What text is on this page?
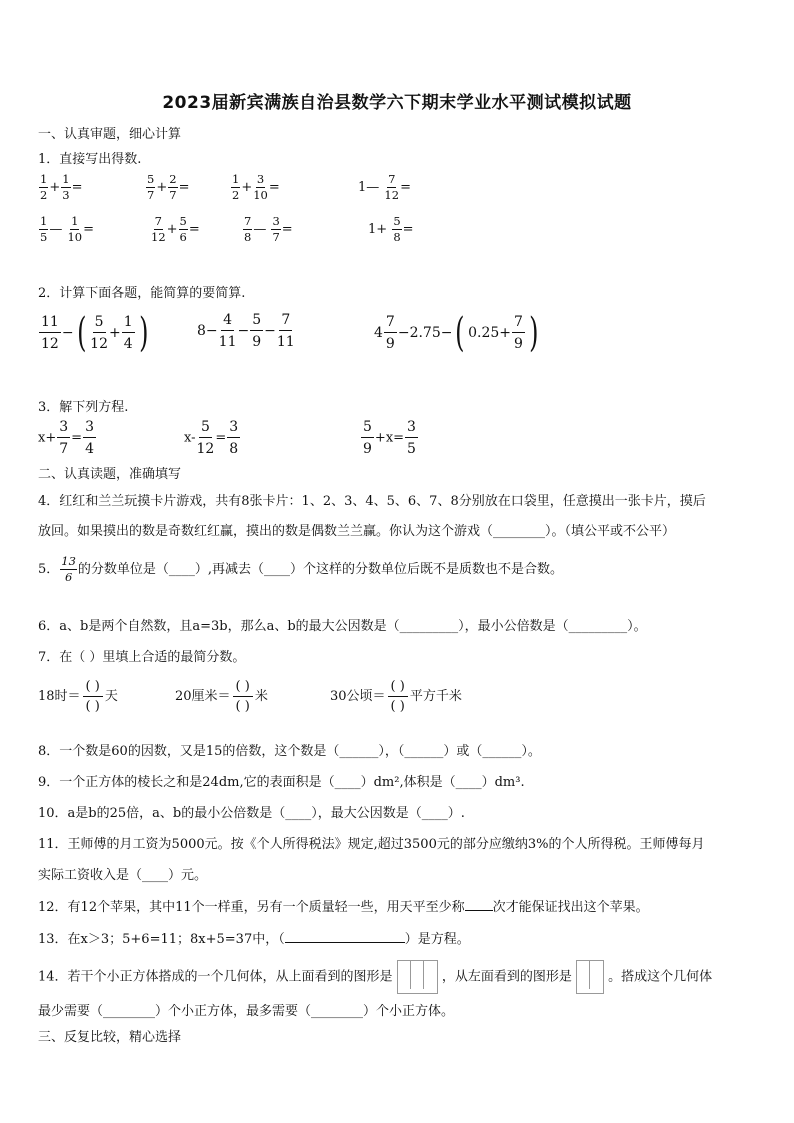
2023届新宾满族自治县数学六下期末学业水平测试模拟试题
一、认真审题，细心计算
1．直接写出得数.
$\frac{1}{2} + \frac{1}{3}$ =	$\frac{5}{7} + \frac{2}{7}$ =	$\frac{1}{2} + \frac{3}{10}$ =	1— $\frac{7}{12}$ =
$\frac{1}{5}$ — $\frac{1}{10}$ =	$\frac{7}{12} + \frac{5}{6}$ =	$\frac{7}{8}$ — $\frac{3}{7}$ =	$1+ \frac{5}{8}$ =
2．计算下面各题，能简算的要简算.
$\frac{11}{12}$ − ( $\frac{5}{12} + \frac{1}{4}$ )	$8 - \frac{4}{11} - \frac{5}{9} - \frac{7}{11}$	$4 \frac{7}{9} -2.75-$ ( $0.25+ \frac{7}{9}$ )
3．解下列方程.
$x+ \frac{3}{7} = \frac{3}{4}$	$x- \frac{5}{12} = \frac{3}{8}$	$\frac{5}{9} +x= \frac{3}{5}$
二、认真读题，准确填写
4．红红和兰兰玩摸卡片游戏，共有8张卡片：1、2、3、4、5、6、7、8分别放在口袋里，任意摸出一张卡片，摸后
放回。如果摸出的数是奇数红红赢，摸出的数是偶数兰兰赢。你认为这个游戏（________）。（填公平或不公平）
5． $\frac{13}{6}$ 的分数单位是（____）,再减去（____）个这样的分数单位后既不是质数也不是合数。
6．a、b是两个自然数，且a=3b，那么a、b的最大公因数是（_________），最小公倍数是（_________）。
7．在（ ）里填上合适的最简分数。
18时＝ $\frac{( )}{( )}$ 天	20厘米＝ $\frac{( )}{( )}$ 米	30公顷＝ $\frac{( )}{( )}$ 平方千米
8．一个数是60的因数，又是15的倍数，这个数是（______），（______）或（______）。
9．一个正方体的棱长之和是24dm,它的表面积是（____）dm²,体积是（____）dm³.
10．a是b的25倍，a、b的最小公倍数是（____），最大公因数是（____）.
11．王师傅的月工资为5000元。按《个人所得税法》规定,超过3500元的部分应缴纳3%的个人所得税。王师傅每月
实际工资收入是（____）元。
12．有12个苹果，其中11个一样重，另有一个质量轻一些，用天平至少称 次才能保证找出这个苹果。
13．在x＞3；5+6=11；8x+5=37中，（	）是方程。
14．若干个小正方体搭成的一个几何体，从上面看到的图形是	，从左面看到的图形是	。搭成这个几何体
最少需要（________）个小正方体，最多需要（________）个小正方体。
三、反复比较，精心选择
